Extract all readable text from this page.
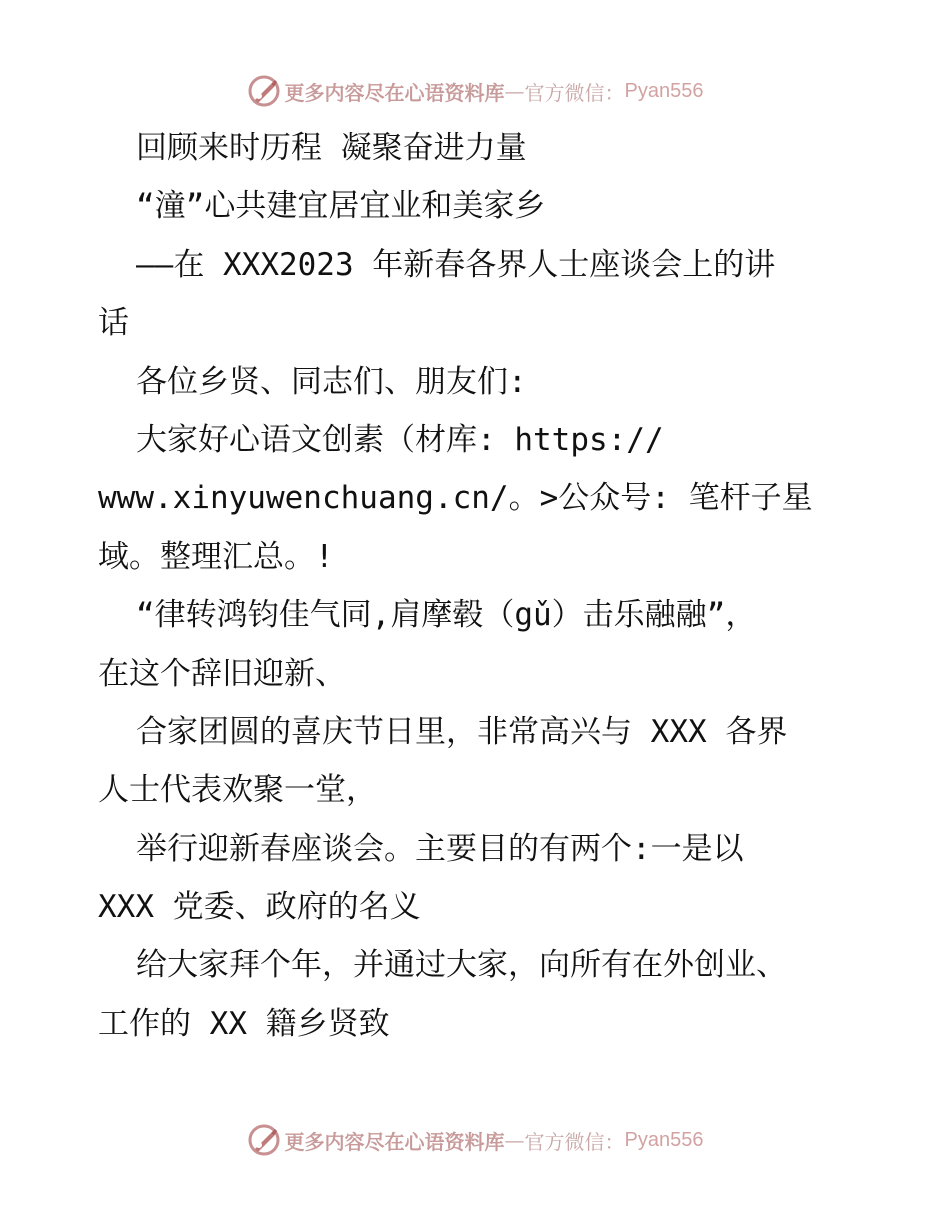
更多内容尽在心语资料库 — 官方微信： Pyan556
回顾来时历程 凝聚奋进力量
“潼”心共建宜居宜业和美家乡
——在 XXX2023 年新春各界人士座谈会上的讲
话
各位乡贤、同志们、朋友们:
大家好心语文创素（材库: https://
www.xinyuwenchuang.cn/。>公众号: 笔杆子星
域。整理汇总。!
“律转鸿钧佳气同,肩摩毂（gǔ）击乐融融”，
在这个辞旧迎新、
合家团圆的喜庆节日里，非常高兴与 XXX 各界
人士代表欢聚一堂，
举行迎新春座谈会。主要目的有两个:一是以
XXX 党委、政府的名义
给大家拜个年，并通过大家，向所有在外创业、
工作的 XX 籍乡贤致
更多内容尽在心语资料库 — 官方微信： Pyan556
